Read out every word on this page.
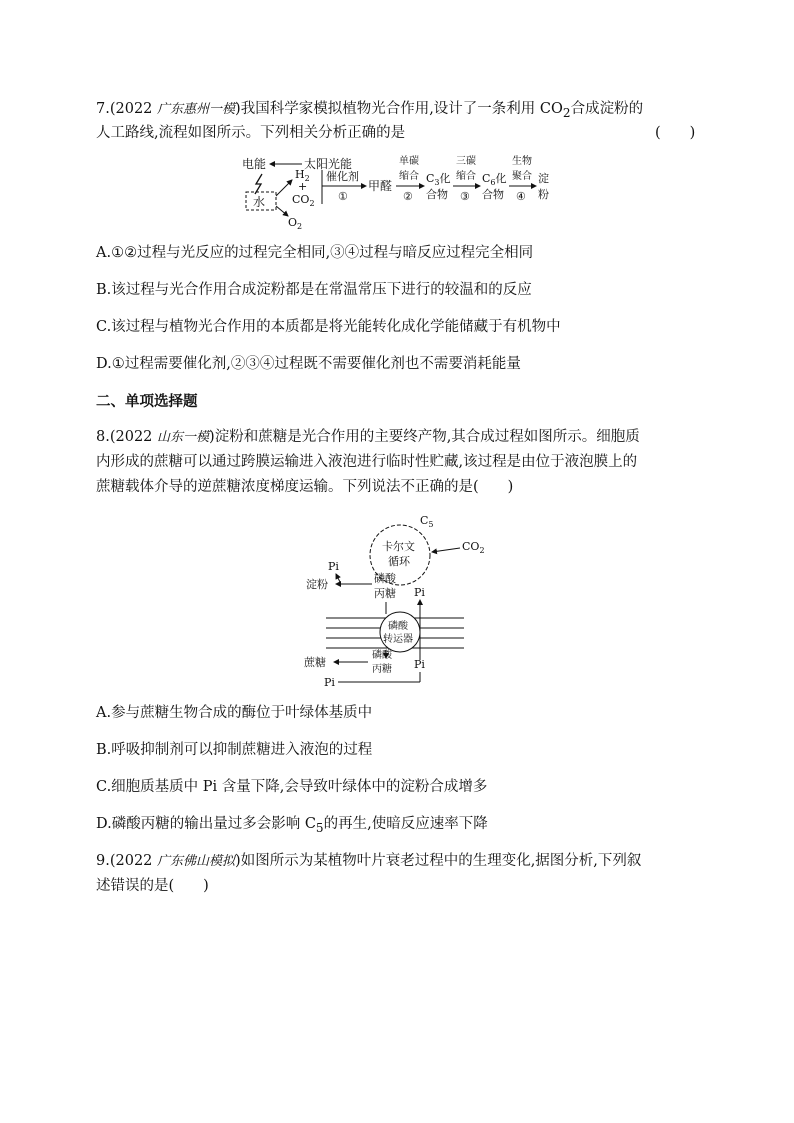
7.(2022 广东惠州一模)我国科学家模拟植物光合作用,设计了一条利用 $CO_2$合成淀粉的
人工路线,流程如图所示。下列相关分析正确的是	(　　)
电能	太阳光能
水
$O_2$
$H_2$
+
$CO_2$
催化剂
①
甲醛
单碳
缩合
②
$C_3$化
合物
三碳
缩合
③
$C_6$化
合物
生物
聚合
④
淀
粉
A.①②过程与光反应的过程完全相同,③④过程与暗反应过程完全相同
B.该过程与光合作用合成淀粉都是在常温常压下进行的较温和的反应
C.该过程与植物光合作用的本质都是将光能转化成化学能储藏于有机物中
D.①过程需要催化剂,②③④过程既不需要催化剂也不需要消耗能量
二、单项选择题
8.(2022 山东一模)淀粉和蔗糖是光合作用的主要终产物,其合成过程如图所示。细胞质
内形成的蔗糖可以通过跨膜运输进入液泡进行临时性贮藏,该过程是由位于液泡膜上的
蔗糖载体介导的逆蔗糖浓度梯度运输。下列说法不正确的是(　　)
$C_5$
卡尔文
循环
$CO_2$
Pi
淀粉	磷酸
丙糖 Pi
磷酸
转运器
磷酸
丙糖 Pi
蔗糖
Pi
A.参与蔗糖生物合成的酶位于叶绿体基质中
B.呼吸抑制剂可以抑制蔗糖进入液泡的过程
C.细胞质基质中 Pi 含量下降,会导致叶绿体中的淀粉合成增多
D.磷酸丙糖的输出量过多会影响 $C_5$的再生,使暗反应速率下降
9.(2022 广东佛山模拟)如图所示为某植物叶片衰老过程中的生理变化,据图分析,下列叙
述错误的是(　　)
